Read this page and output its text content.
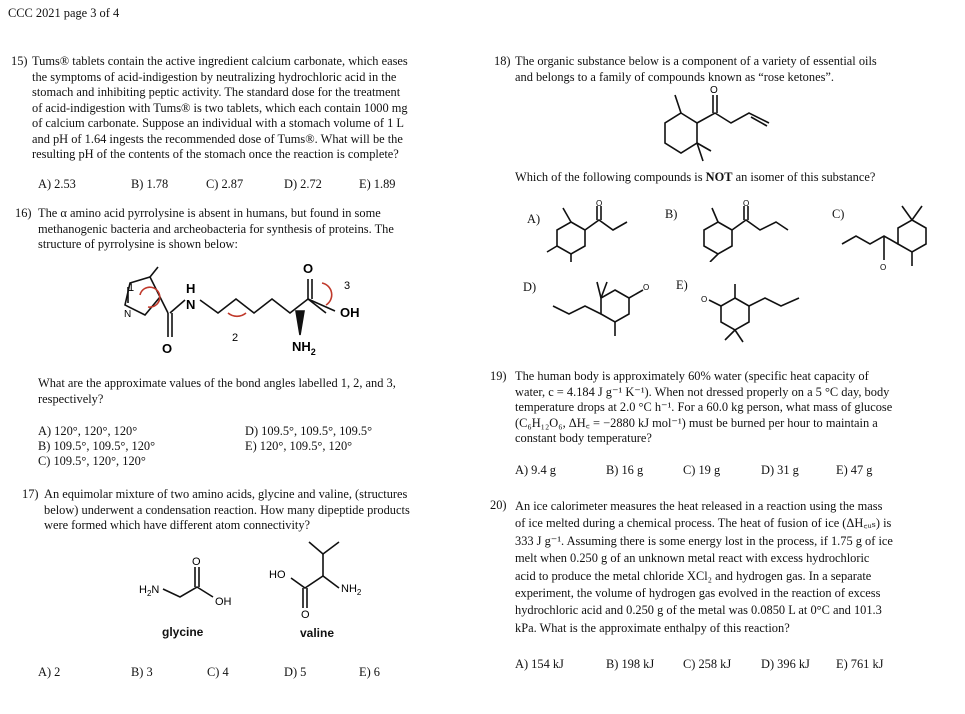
CCC 2021 page 3 of 4
15) Tums® tablets contain the active ingredient calcium carbonate, which eases
the symptoms of acid-indigestion by neutralizing hydrochloric acid in the
stomach and inhibiting peptic activity. The standard dose for the treatment
of acid-indigestion with Tums® is two tablets, which each contain 1000 mg
of calcium carbonate. Suppose an individual with a stomach volume of 1 L
and pH of 1.64 ingests the recommended dose of Tums®. What will be the
resulting pH of the contents of the stomach once the reaction is complete?
A) 2.53	B) 1.78	C) 2.87	D) 2.72	E) 1.89
16) The α amino acid pyrrolysine is absent in humans, but found in some
methanogenic bacteria and archeobacteria for synthesis of proteins. The
structure of pyrrolysine is shown below:
1
2
3
H
N
N
O
O
OH
$NH_2$
What are the approximate values of the bond angles labelled 1, 2, and 3,
respectively?
A) 120°, 120°, 120°
B) 109.5°, 109.5°, 120°
C) 109.5°, 120°, 120°
D) 109.5°, 109.5°, 109.5°
E) 120°, 109.5°, 120°
17) An equimolar mixture of two amino acids, glycine and valine, (structures
below) underwent a condensation reaction. How many dipeptide products
were formed which have different atom connectivity?
$H_2N$
O
OH
glycine
HO
O
$NH_2$
valine
A) 2	B) 3	C) 4	D) 5	E) 6
18) The organic substance below is a component of a variety of essential oils
and belongs to a family of compounds known as “rose ketones”.
O
Which of the following compounds is NOT an isomer of this substance?
A)
O
B)
O
C)
O
D)	O E)
O
19) The human body is approximately 60% water (specific heat capacity of
water, c = 4.184 J g⁻¹ K⁻¹). When not dressed properly on a 5 °C day, body
temperature drops at 2.0 °C h⁻¹. For a 60.0 kg person, what mass of glucose
(C₆H₁₂O₆, ΔH꜀ = −2880 kJ mol⁻¹) must be burned per hour to maintain a
constant body temperature?
A) 9.4 g	B) 16 g	C) 19 g	D) 31 g	E) 47 g
20) An ice calorimeter measures the heat released in a reaction using the mass
of ice melted during a chemical process. The heat of fusion of ice (ΔH꜀ᵤₛ) is
333 J g⁻¹. Assuming there is some energy lost in the process, if 1.75 g of ice
melt when 0.250 g of an unknown metal react with excess hydrochloric
acid to produce the metal chloride XCl₂ and hydrogen gas. In a separate
experiment, the volume of hydrogen gas evolved in the reaction of excess
hydrochloric acid and 0.250 g of the metal was 0.0850 L at 0°C and 101.3
kPa. What is the approximate enthalpy of this reaction?
A) 154 kJ	B) 198 kJ C) 258 kJ D) 396 kJ E) 761 kJ
